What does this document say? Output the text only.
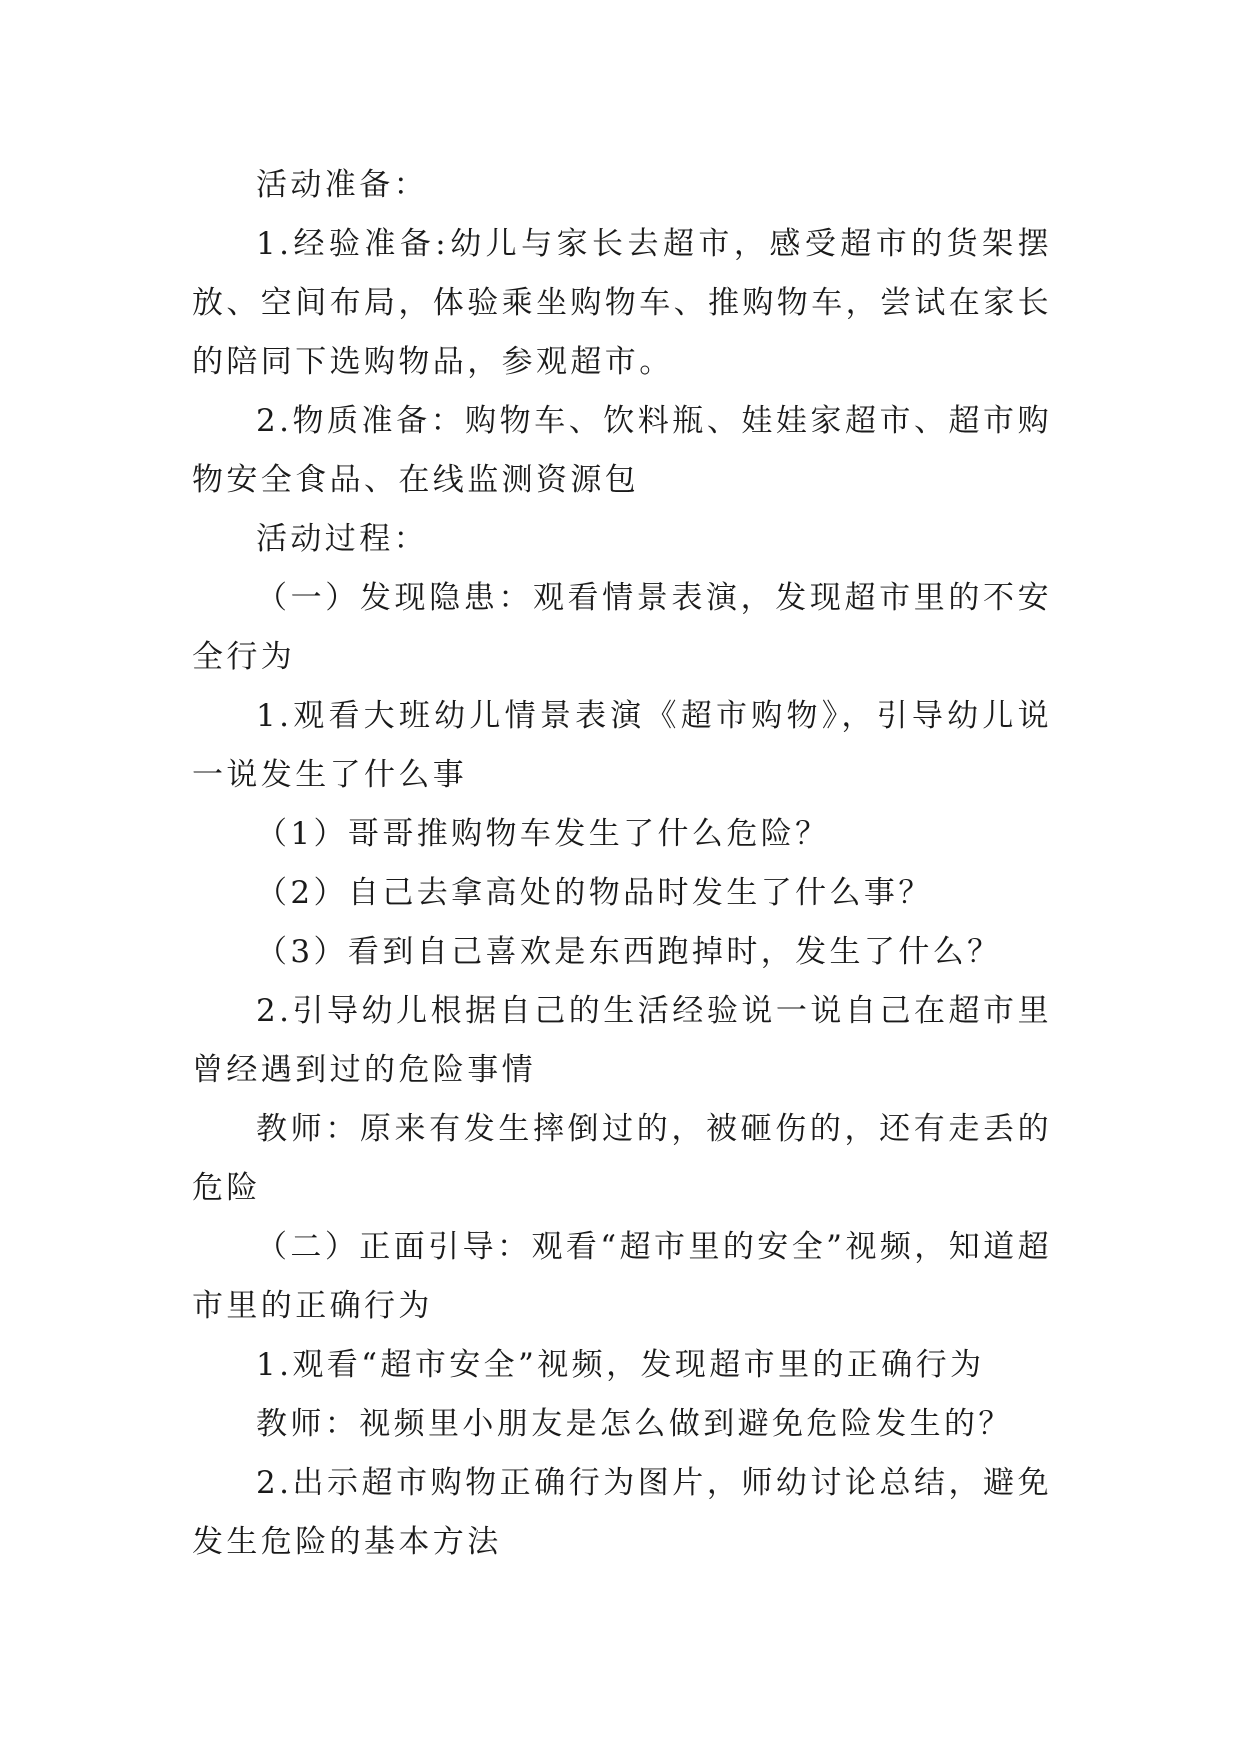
活动准备：

1.经验准备:幼儿与家长去超市，感受超市的货架摆放、空间布局，体验乘坐购物车、推购物车，尝试在家长的陪同下选购物品，参观超市。

2.物质准备：购物车、饮料瓶、娃娃家超市、超市购物安全食品、在线监测资源包

活动过程：

（一）发现隐患：观看情景表演，发现超市里的不安全行为

1.观看大班幼儿情景表演《超市购物》，引导幼儿说一说发生了什么事

（1）哥哥推购物车发生了什么危险？

（2）自己去拿高处的物品时发生了什么事？

（3）看到自己喜欢是东西跑掉时，发生了什么？

2.引导幼儿根据自己的生活经验说一说自己在超市里曾经遇到过的危险事情

教师：原来有发生摔倒过的，被砸伤的，还有走丢的危险

（二）正面引导：观看“超市里的安全”视频，知道超市里的正确行为

1.观看“超市安全”视频，发现超市里的正确行为

教师：视频里小朋友是怎么做到避免危险发生的？

2.出示超市购物正确行为图片，师幼讨论总结，避免发生危险的基本方法
